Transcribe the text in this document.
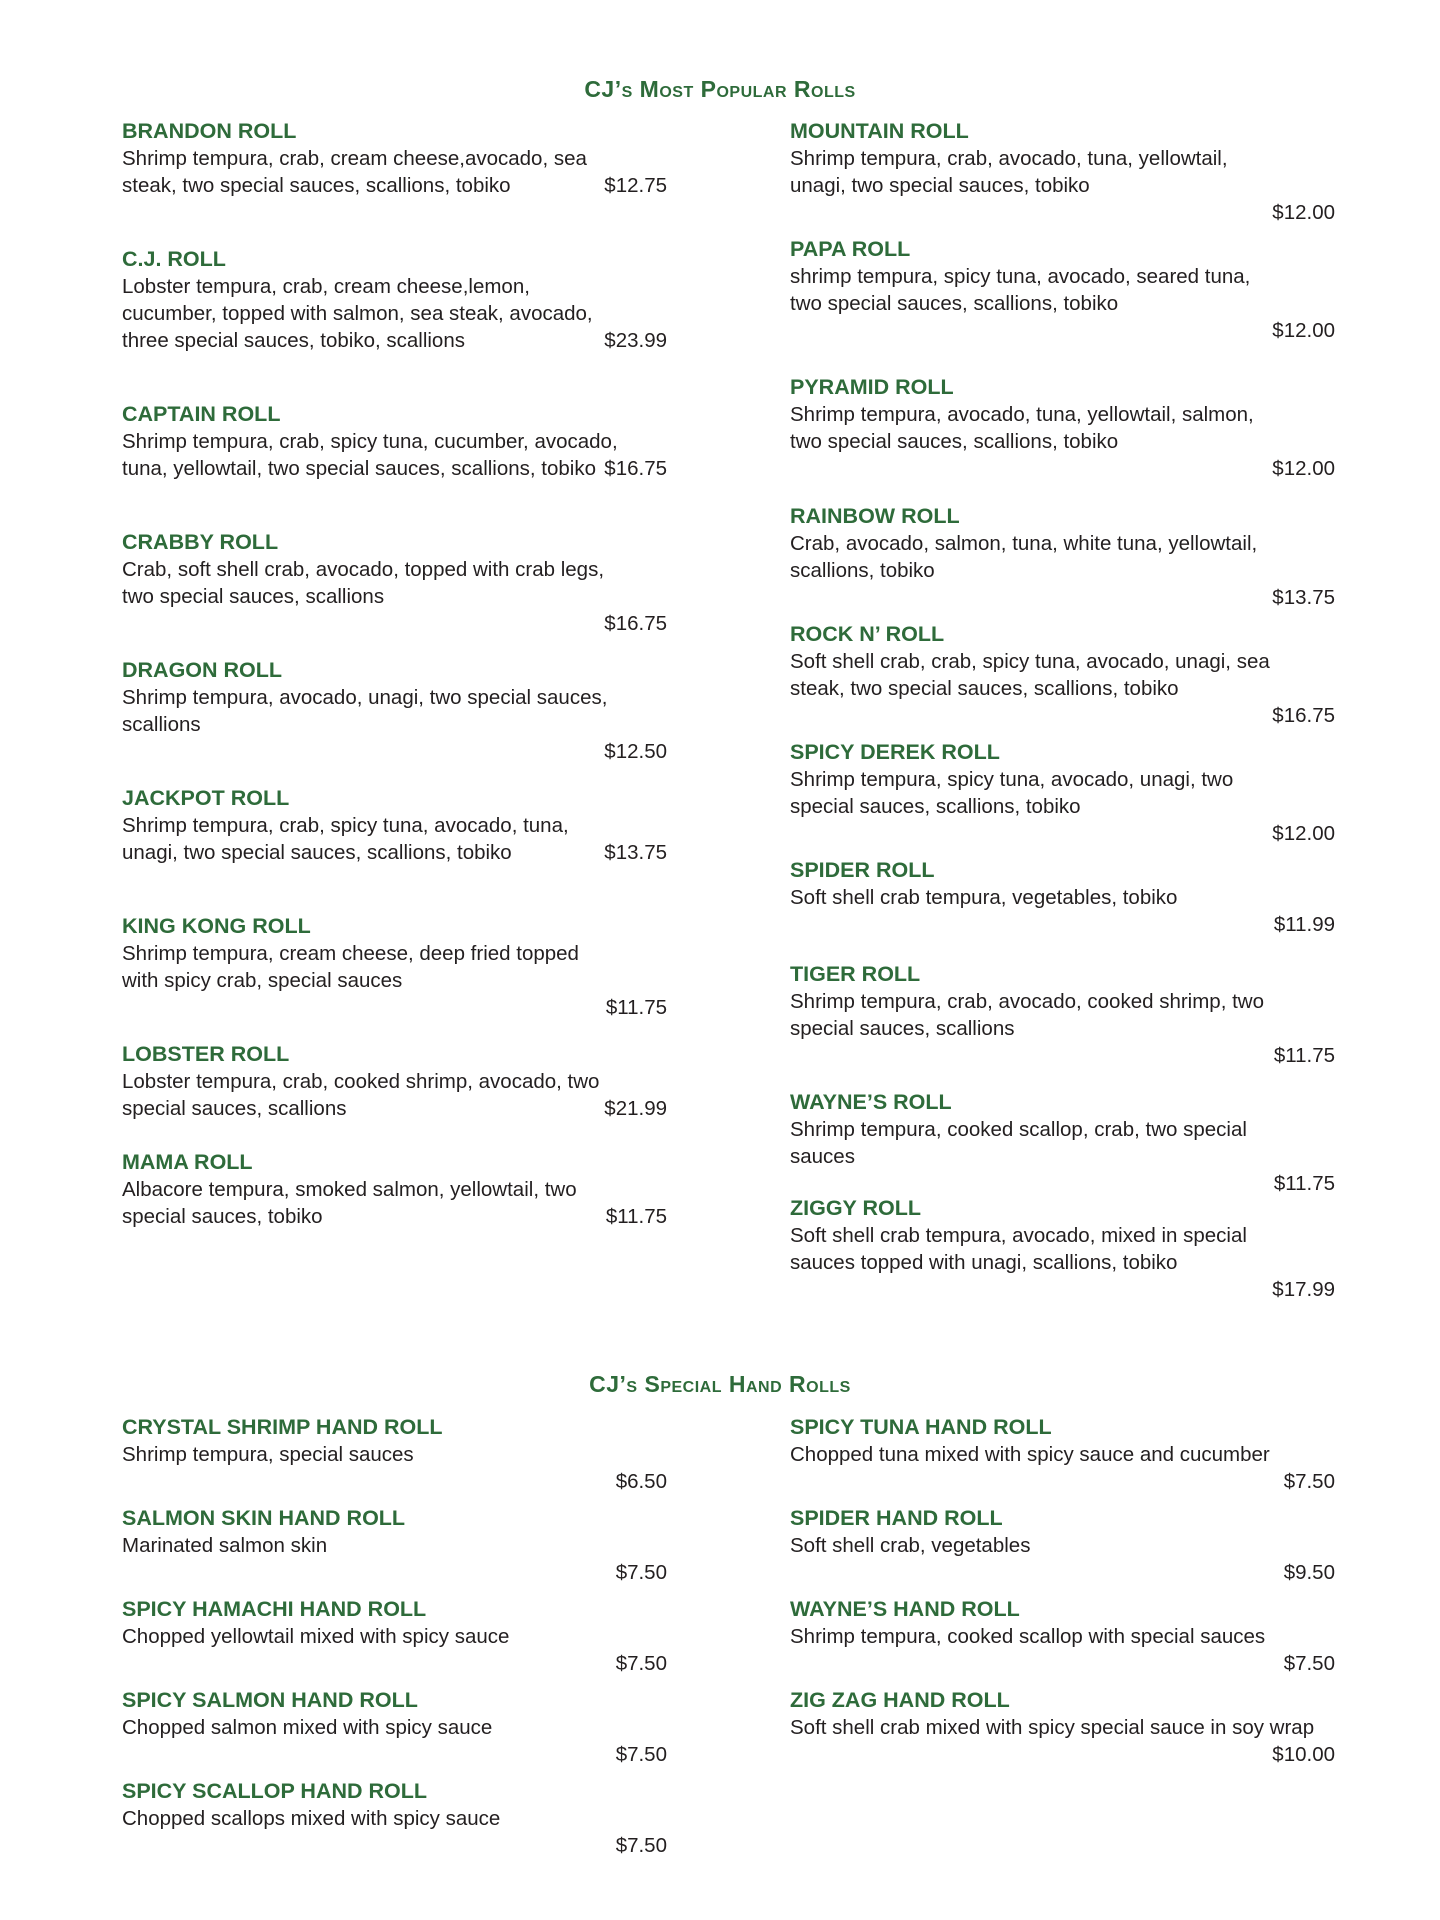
CJ’s Most Popular Rolls
BRANDON ROLL
Shrimp tempura, crab, cream cheese,avocado, sea
steak, two special sauces, scallions, tobiko	$12.75
C.J. ROLL
Lobster tempura, crab, cream cheese,lemon,
cucumber, topped with salmon, sea steak, avocado,
three special sauces, tobiko, scallions	$23.99
CAPTAIN ROLL
Shrimp tempura, crab, spicy tuna, cucumber, avocado,
tuna, yellowtail, two special sauces, scallions, tobiko $16.75
CRABBY ROLL
Crab, soft shell crab, avocado, topped with crab legs,
two special sauces, scallions
$16.75
DRAGON ROLL
Shrimp tempura, avocado, unagi, two special sauces,
scallions
$12.50
JACKPOT ROLL
Shrimp tempura, crab, spicy tuna, avocado, tuna,
unagi, two special sauces, scallions, tobiko	$13.75
KING KONG ROLL
Shrimp tempura, cream cheese, deep fried topped
with spicy crab, special sauces
$11.75
LOBSTER ROLL
Lobster tempura, crab, cooked shrimp, avocado, two
special sauces, scallions	$21.99
MAMA ROLL
Albacore tempura, smoked salmon, yellowtail, two
special sauces, tobiko	$11.75
MOUNTAIN ROLL
Shrimp tempura, crab, avocado, tuna, yellowtail,
unagi, two special sauces, tobiko
$12.00
PAPA ROLL
shrimp tempura, spicy tuna, avocado, seared tuna,
two special sauces, scallions, tobiko
$12.00
PYRAMID ROLL
Shrimp tempura, avocado, tuna, yellowtail, salmon,
two special sauces, scallions, tobiko
$12.00
RAINBOW ROLL
Crab, avocado, salmon, tuna, white tuna, yellowtail,
scallions, tobiko
$13.75
ROCK N’ ROLL
Soft shell crab, crab, spicy tuna, avocado, unagi, sea
steak, two special sauces, scallions, tobiko
$16.75
SPICY DEREK ROLL
Shrimp tempura, spicy tuna, avocado, unagi, two
special sauces, scallions, tobiko
$12.00
SPIDER ROLL
Soft shell crab tempura, vegetables, tobiko
$11.99
TIGER ROLL
Shrimp tempura, crab, avocado, cooked shrimp, two
special sauces, scallions
$11.75
WAYNE’S ROLL
Shrimp tempura, cooked scallop, crab, two special
sauces
$11.75
ZIGGY ROLL
Soft shell crab tempura, avocado, mixed in special
sauces topped with unagi, scallions, tobiko
$17.99
CJ’s Special Hand Rolls
CRYSTAL SHRIMP HAND ROLL
Shrimp tempura, special sauces
$6.50
SALMON SKIN HAND ROLL
Marinated salmon skin
$7.50
SPICY HAMACHI HAND ROLL
Chopped yellowtail mixed with spicy sauce
$7.50
SPICY SALMON HAND ROLL
Chopped salmon mixed with spicy sauce
$7.50
SPICY SCALLOP HAND ROLL
Chopped scallops mixed with spicy sauce
$7.50
SPICY TUNA HAND ROLL
Chopped tuna mixed with spicy sauce and cucumber
$7.50
SPIDER HAND ROLL
Soft shell crab, vegetables
$9.50
WAYNE’S HAND ROLL
Shrimp tempura, cooked scallop with special sauces
$7.50
ZIG ZAG HAND ROLL
Soft shell crab mixed with spicy special sauce in soy wrap
$10.00
